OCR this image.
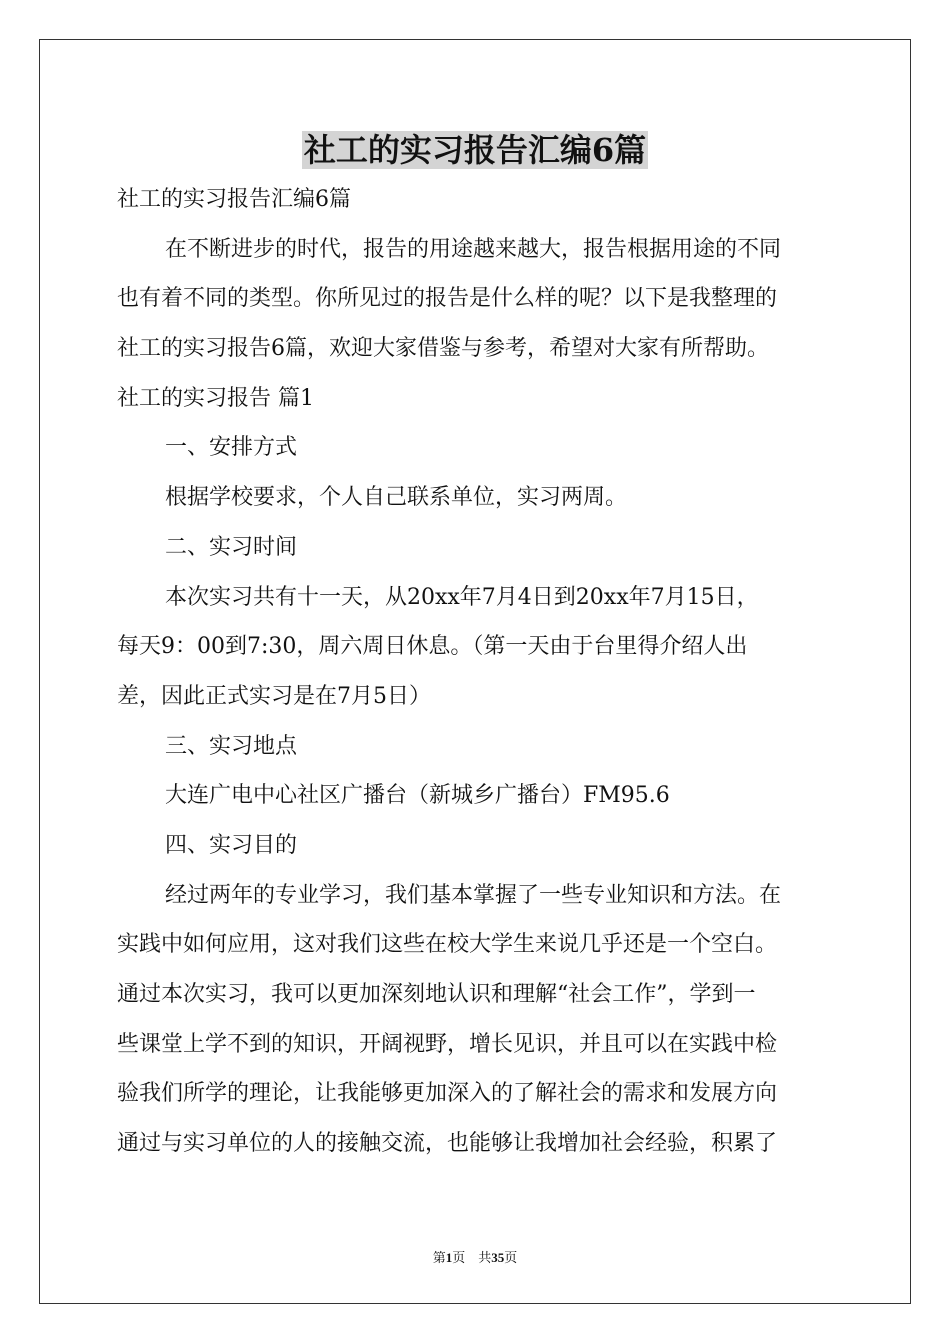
社工的实习报告汇编6篇
社工的实习报告汇编6篇
在不断进步的时代，报告的用途越来越大，报告根据用途的不同
也有着不同的类型。你所见过的报告是什么样的呢？以下是我整理的
社工的实习报告6篇，欢迎大家借鉴与参考，希望对大家有所帮助。
社工的实习报告 篇1
一、安排方式
根据学校要求，个人自己联系单位，实习两周。
二、实习时间
本次实习共有十一天，从20xx年7月4日到20xx年7月15日，
每天9：00到7:30，周六周日休息。（第一天由于台里得介绍人出
差，因此正式实习是在7月5日）
三、实习地点
大连广电中心社区广播台（新城乡广播台）FM95.6
四、实习目的
经过两年的专业学习，我们基本掌握了一些专业知识和方法。在
实践中如何应用，这对我们这些在校大学生来说几乎还是一个空白。
通过本次实习，我可以更加深刻地认识和理解“社会工作”，学到一
些课堂上学不到的知识，开阔视野，增长见识，并且可以在实践中检
验我们所学的理论，让我能够更加深入的了解社会的需求和发展方向
通过与实习单位的人的接触交流，也能够让我增加社会经验，积累了
第1页 共35页
